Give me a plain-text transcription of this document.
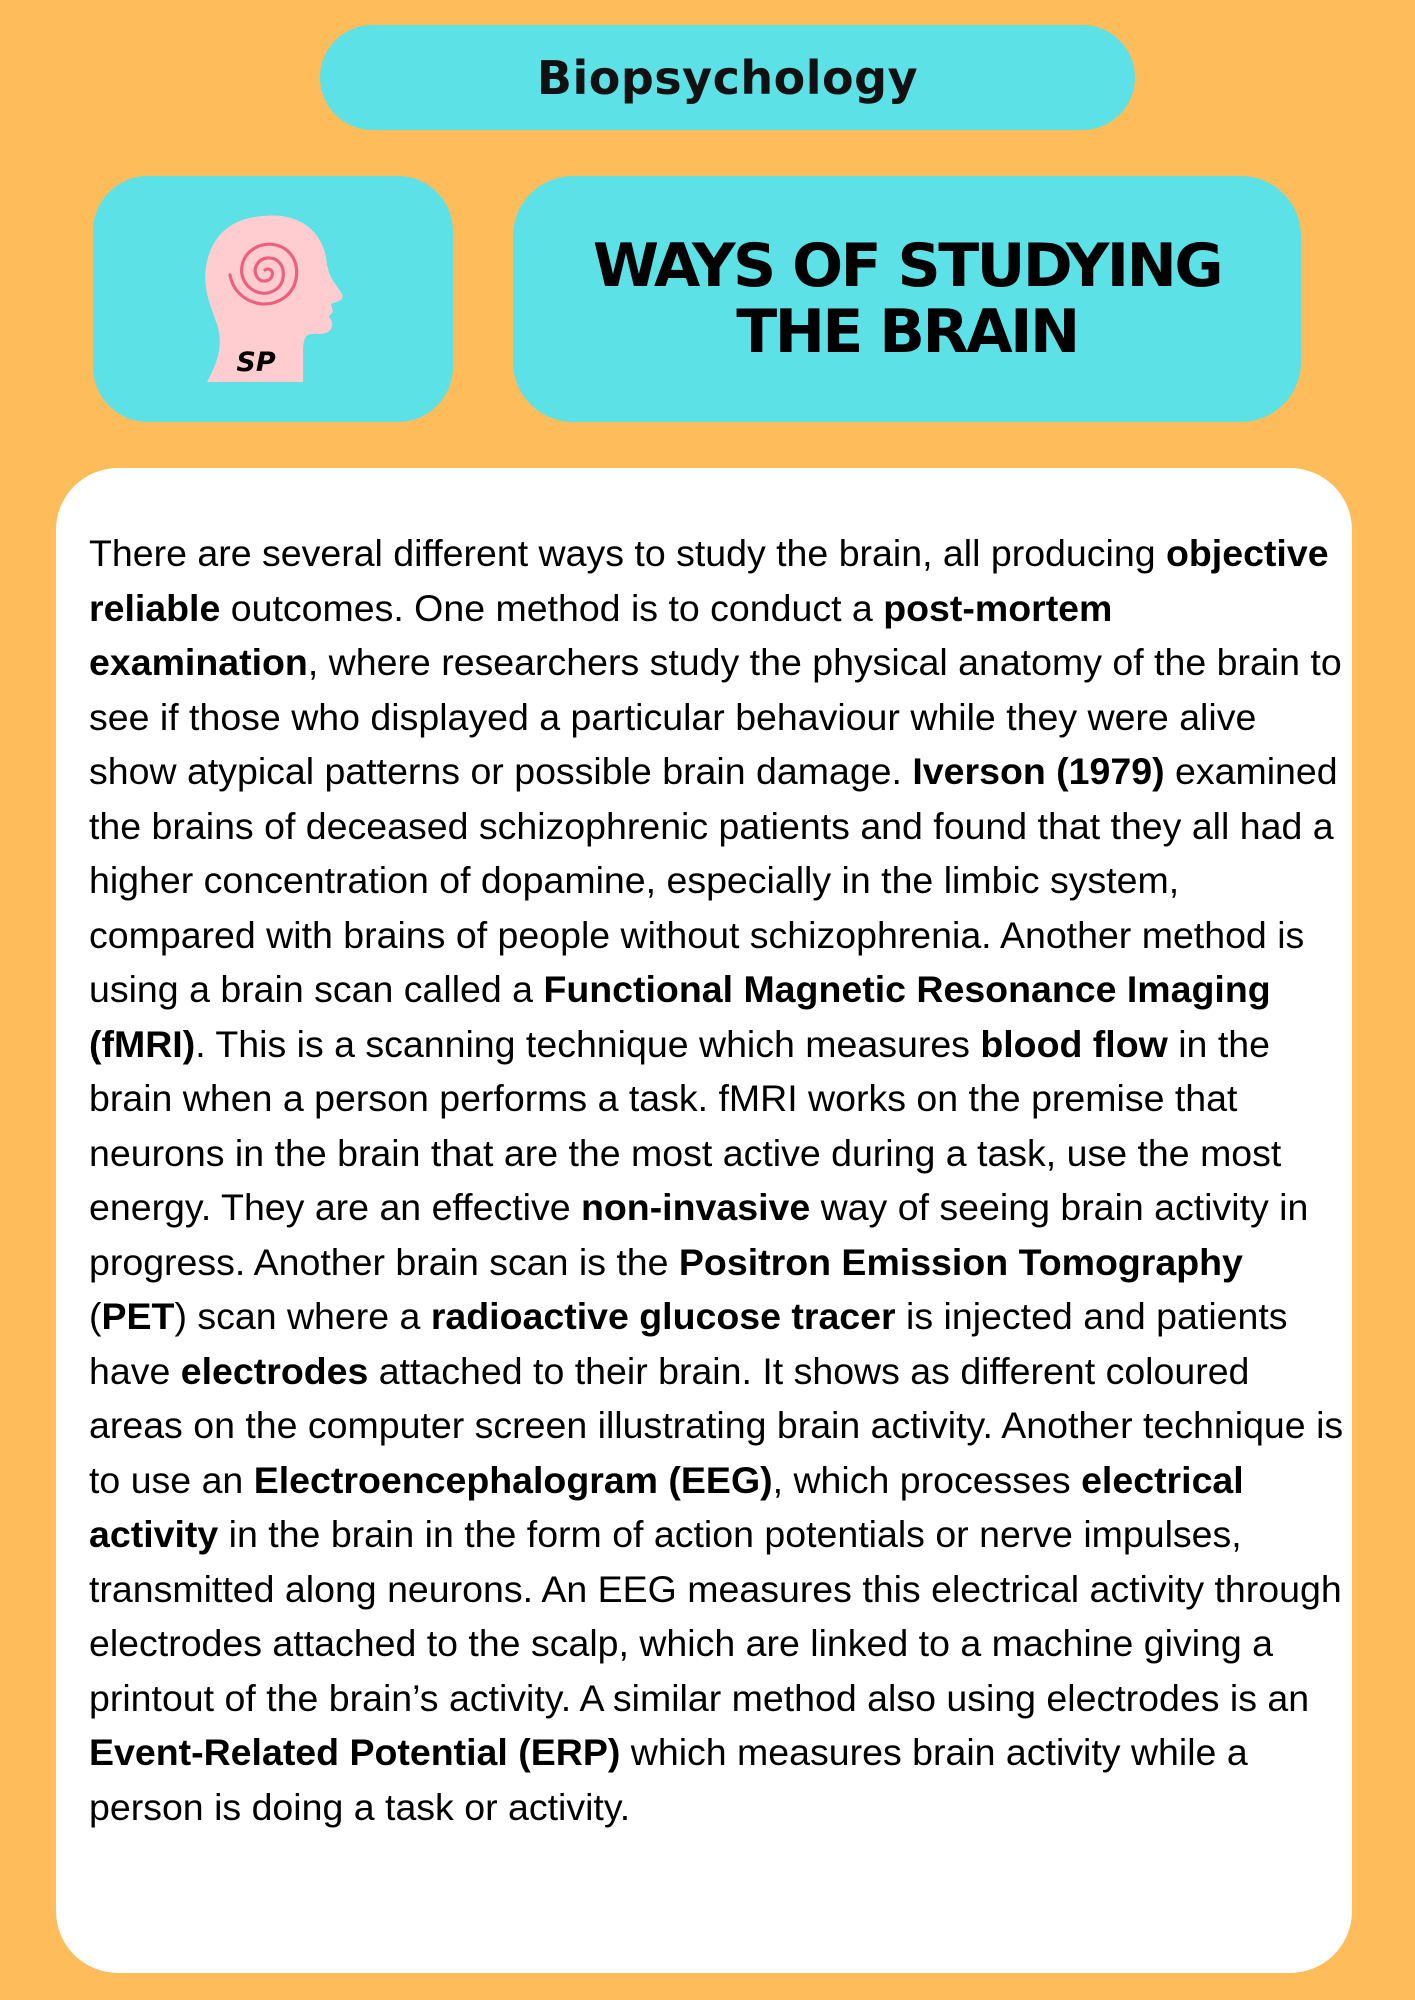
Biopsychology
SP
WAYS OF STUDYING
THE BRAIN

There are several different ways to study the brain, all producing objective reliable outcomes. One method is to conduct a post-mortem examination, where researchers study the physical anatomy of the brain to see if those who displayed a particular behaviour while they were alive show atypical patterns or possible brain damage. Iverson (1979) examined the brains of deceased schizophrenic patients and found that they all had a higher concentration of dopamine, especially in the limbic system, compared with brains of people without schizophrenia. Another method is using a brain scan called a Functional Magnetic Resonance Imaging (fMRI). This is a scanning technique which measures blood flow in the brain when a person performs a task. fMRI works on the premise that neurons in the brain that are the most active during a task, use the most energy. They are an effective non-invasive way of seeing brain activity in progress. Another brain scan is the Positron Emission Tomography (PET) scan where a radioactive glucose tracer is injected and patients have electrodes attached to their brain. It shows as different coloured areas on the computer screen illustrating brain activity. Another technique is to use an Electroencephalogram (EEG), which processes electrical activity in the brain in the form of action potentials or nerve impulses, transmitted along neurons. An EEG measures this electrical activity through electrodes attached to the scalp, which are linked to a machine giving a printout of the brain’s activity. A similar method also using electrodes is an Event-Related Potential (ERP) which measures brain activity while a person is doing a task or activity.
